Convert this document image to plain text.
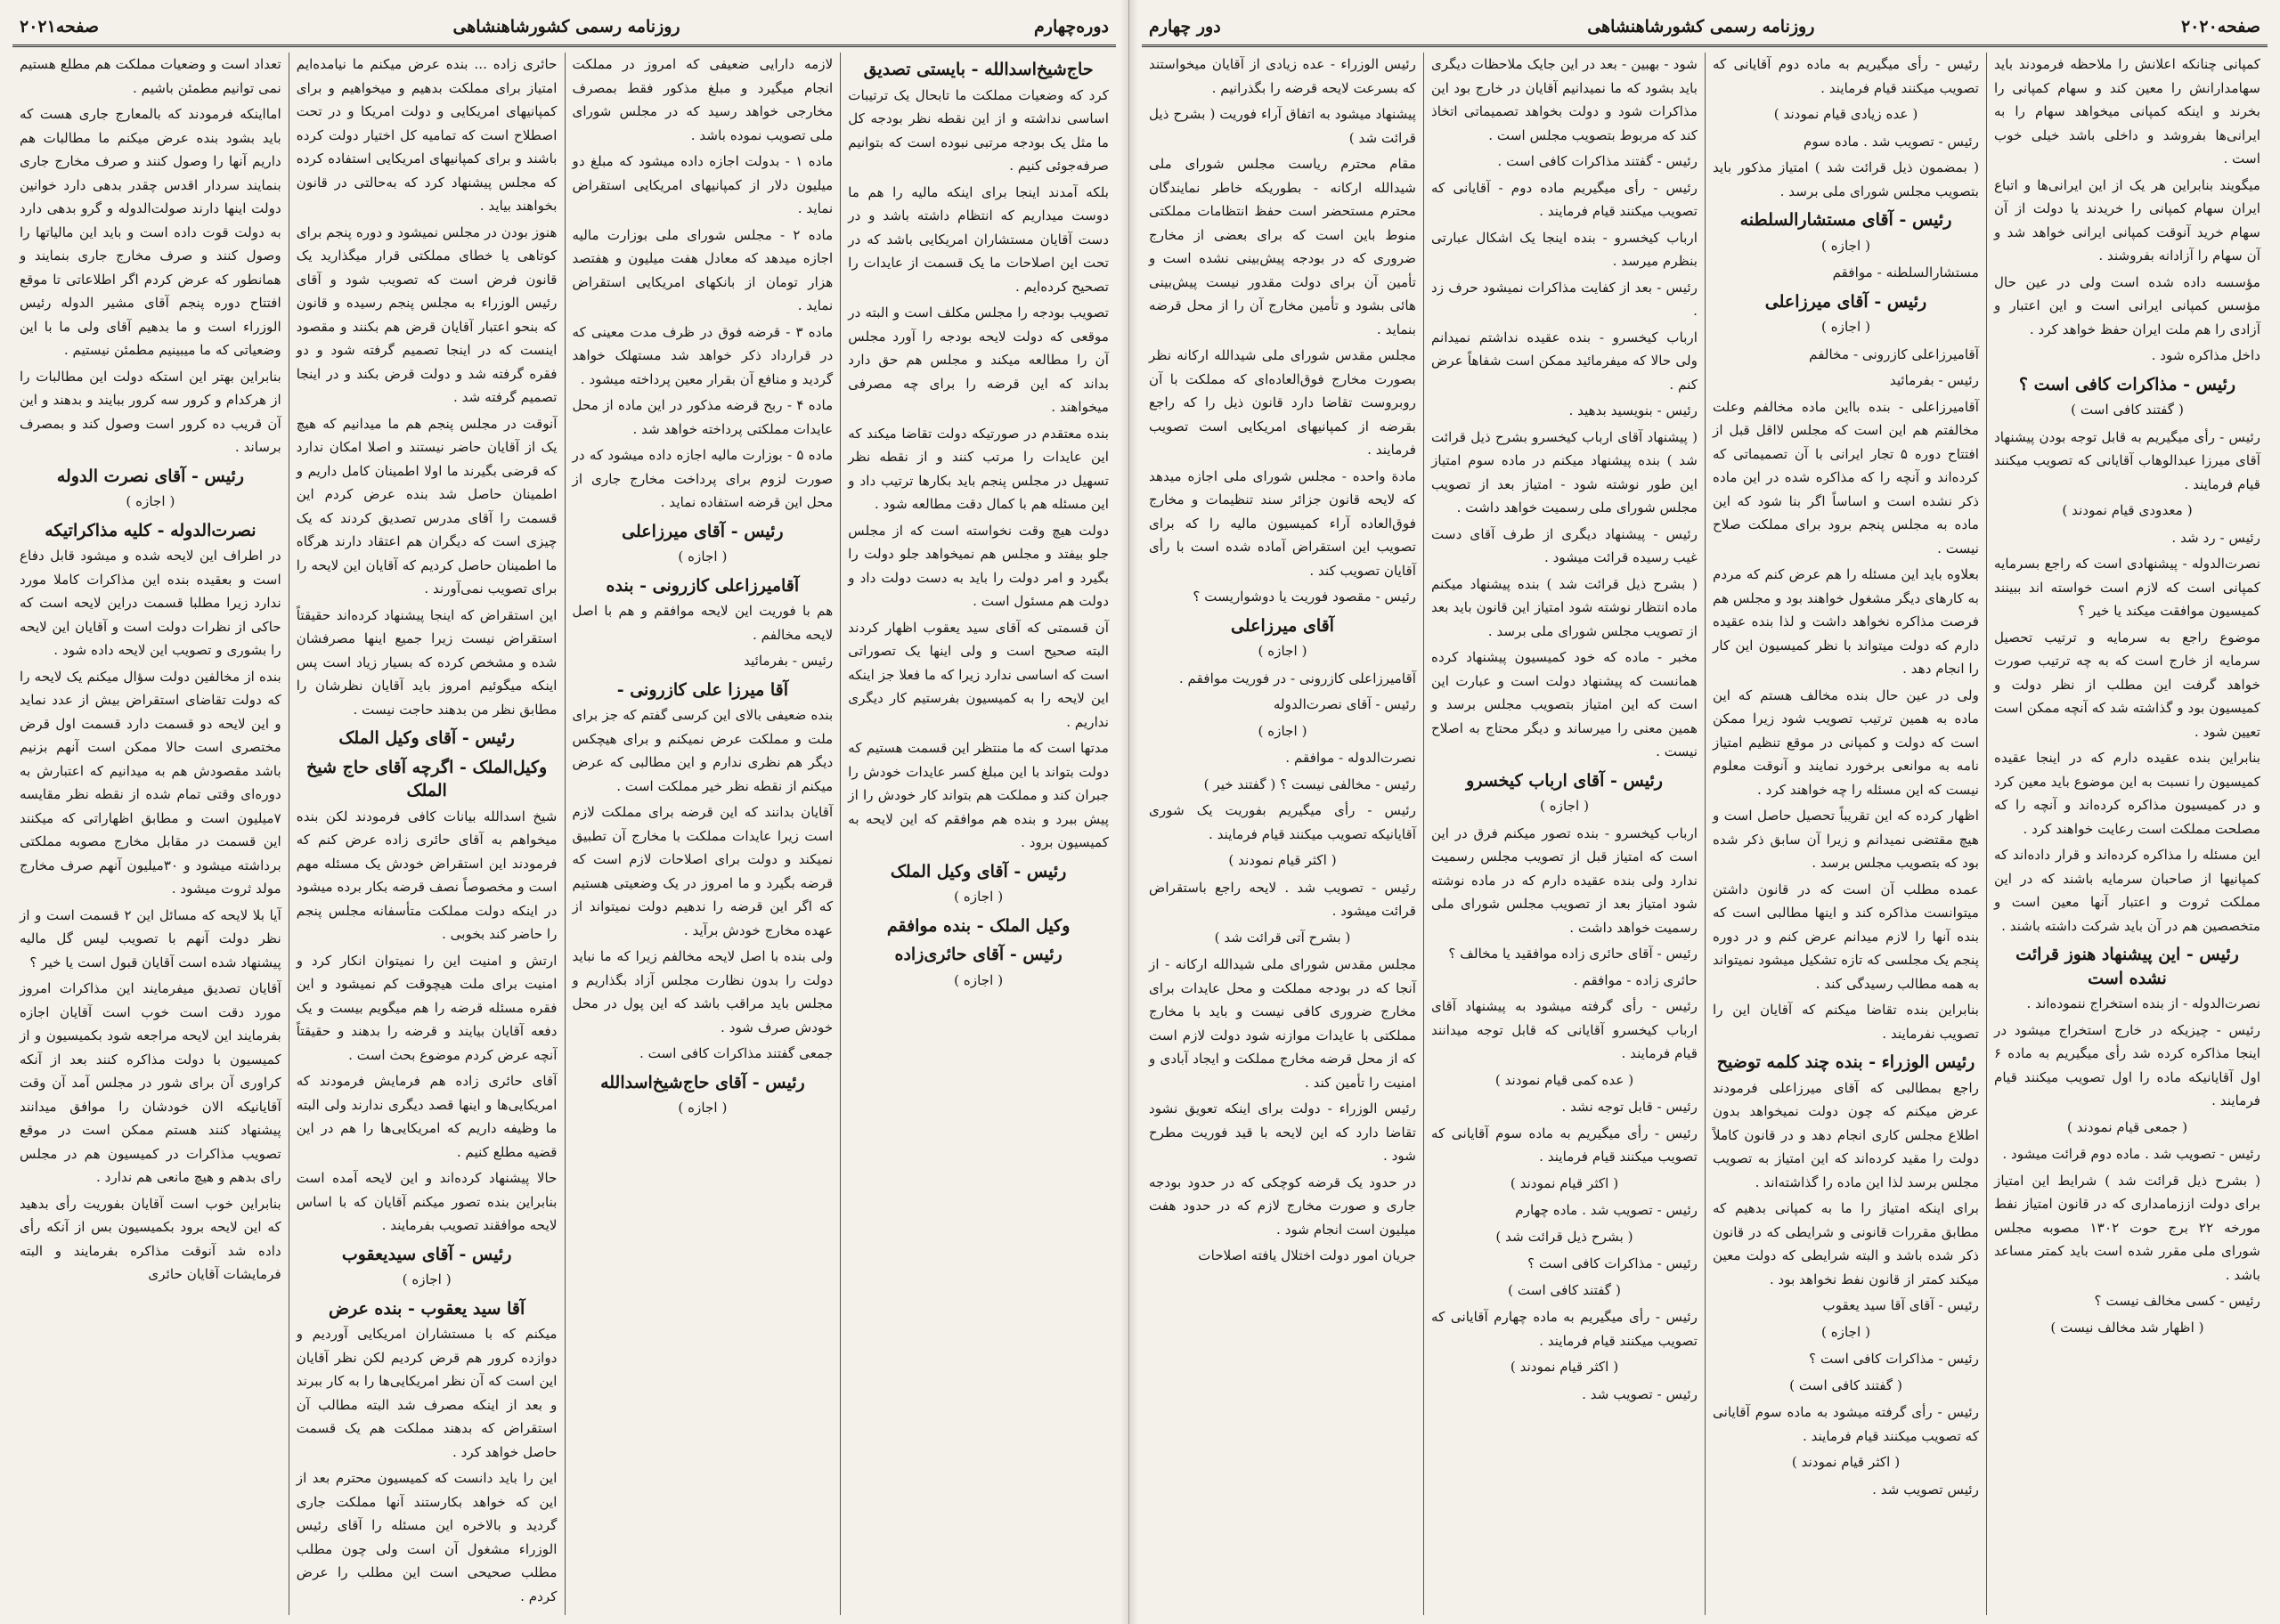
دوره‌چهارم
روزنامه رسمی کشورشاهنشاهی
صفحه۲۰۲۱
حاج‌شیخ‌اسدالله - بایستی تصدیق

کرد که وضعیات مملکت ما تابحال یک ترتیبات اساسی نداشته و از این نقطه نظر بودجه کل ما مثل یک بودجه مرتبی نبوده است که بتوانیم صرفه‌جوئی کنیم .

بلکه آمدند اینجا برای اینکه مالیه را هم ما دوست میداریم که انتظام داشته باشد و در دست آقایان مستشاران امریکایی باشد که در تحت این اصلاحات ما یک قسمت از عایدات را تصحیح کرده‌ایم .

تصویب بودجه را مجلس مکلف است و البته در موقعی که دولت لایحه بودجه را آورد مجلس آن را مطالعه میکند و مجلس هم حق دارد بداند که این قرضه را برای چه مصرفی میخواهند .

بنده معتقدم در صورتیکه دولت تقاضا میکند که این عایدات را مرتب کنند و از نقطه نظر تسهیل در مجلس پنجم باید بکارها ترتیب داد و این مسئله هم با کمال دقت مطالعه شود .

دولت هیچ وقت نخواسته است که از مجلس جلو بیفتد و مجلس هم نمیخواهد جلو دولت را بگیرد و امر دولت را باید به دست دولت داد و دولت هم مسئول است .

آن قسمتی که آقای سید یعقوب اظهار کردند البته صحیح است و ولی اینها یک تصوراتی است که اساسی ندارد زیرا که ما فعلا جز اینکه این لایحه را به کمیسیون بفرستیم کار دیگری نداریم .

مدتها است که ما منتظر این قسمت هستیم که دولت بتواند با این مبلغ کسر عایدات خودش را جبران کند و مملکت هم بتواند کار خودش را از پیش ببرد و بنده هم موافقم که این لایحه به کمیسیون برود .

رئیس - آقای وکیل الملک
( اجازه )
وکیل الملک - بنده موافقم
رئیس - آقای حائری‌زاده
( اجازه )

لازمه دارایی ضعیفی که امروز در مملکت انجام میگیرد و مبلغ مذکور فقط بمصرف مخارجی خواهد رسید که در مجلس شورای ملی تصویب نموده باشد .

ماده ۱ - بدولت اجازه داده میشود که مبلغ دو میلیون دلار از کمپانیهای امریکایی استقراض نماید .

ماده ۲ - مجلس شورای ملی بوزارت مالیه اجازه میدهد که معادل هفت میلیون و هفتصد هزار تومان از بانکهای امریکایی استقراض نماید .

ماده ۳ - قرضه فوق در ظرف مدت معینی که در قرارداد ذکر خواهد شد مستهلک خواهد گردید و منافع آن بقرار معین پرداخته میشود .

ماده ۴ - ربح قرضه مذکور در این ماده از محل عایدات مملکتی پرداخته خواهد شد .

ماده ۵ - بوزارت مالیه اجازه داده میشود که در صورت لزوم برای پرداخت مخارج جاری از محل این قرضه استفاده نماید .

رئیس - آقای میرزاعلی
( اجازه )
آقامیرزاعلی کازرونی - بنده

هم با فوریت این لایحه موافقم و هم با اصل لایحه مخالفم .

رئیس - بفرمائید

آقا میرزا علی کازرونی -

بنده ضعیفی بالای این کرسی گفتم که جز برای ملت و مملکت عرض نمیکنم و برای هیچکس دیگر هم نظری ندارم و این مطالبی که عرض میکنم از نقطه نظر خیر مملکت است .

آقایان بدانند که این قرضه برای مملکت لازم است زیرا عایدات مملکت با مخارج آن تطبیق نمیکند و دولت برای اصلاحات لازم است که قرضه بگیرد و ما امروز در یک وضعیتی هستیم که اگر این قرضه را ندهیم دولت نمیتواند از عهده مخارج خودش برآید .

ولی بنده با اصل لایحه مخالفم زیرا که ما نباید دولت را بدون نظارت مجلس آزاد بگذاریم و مجلس باید مراقب باشد که این پول در محل خودش صرف شود .

جمعی گفتند مذاکرات کافی است .

رئیس - آقای حاج‌شیخ‌اسدالله
( اجازه )

حائری زاده ... بنده عرض میکنم ما نیامده‌ایم امتیاز برای مملکت بدهیم و میخواهیم و برای کمپانیهای امریکایی و دولت امریکا و در تحت اصطلاح است که تمامیه کل اختیار دولت کرده باشند و برای کمپانیهای امریکایی استفاده کرده که مجلس پیشنهاد کرد که به‌حالتی در قانون بخواهند بیاید .

هنوز بودن در مجلس نمیشود و دوره پنجم برای کوتاهی یا خطای مملکتی قرار میگذارید یک قانون فرض است که تصویب شود و آقای رئیس الوزراء به مجلس پنجم رسیده و قانون که بنحو اعتبار آقایان قرض هم بکنند و مقصود اینست که در اینجا تصمیم گرفته شود و دو فقره گرفته شد و دولت قرض بکند و در اینجا تصمیم گرفته شد .

آنوقت در مجلس پنجم هم ما میدانیم که هیچ یک از آقایان حاضر نیستند و اصلا امکان ندارد که قرضی بگیرند ما اولا اطمینان کامل داریم و اطمینان حاصل شد بنده عرض کردم این قسمت را آقای مدرس تصدیق کردند که یک چیزی است که دیگران هم اعتقاد دارند هرگاه ما اطمینان حاصل کردیم که آقایان این لایحه را برای تصویب نمی‌آورند .

این استقراض که اینجا پیشنهاد کرده‌اند حقیقتاً استقراض نیست زیرا جمیع اینها مصرفشان شده و مشخص کرده که بسیار زیاد است پس اینکه میگوئیم امروز باید آقایان نظرشان را مطابق نظر من بدهند حاجت نیست .

رئیس - آقای وکیل الملک
وکیل‌الملک - اگرچه آقای حاج شیخ الملک

شیخ اسدالله بیانات کافی فرمودند لکن بنده میخواهم به آقای حائری زاده عرض کنم که فرمودند این استقراض خودش یک مسئله مهم است و مخصوصاً نصف قرضه بکار برده میشود در اینکه دولت مملکت متأسفانه مجلس پنجم را حاضر کند بخوبی .

ارتش و امنیت این را نمیتوان انکار کرد و امنیت برای ملت هیچوقت کم نمیشود و این فقره مسئله قرضه را هم میگویم بیست و یک دفعه آقایان بیایند و قرضه را بدهند و حقیقتاً آنچه عرض کردم موضوع بحث است .

آقای حائری زاده هم فرمایش فرمودند که امریکایی‌ها و اینها قصد دیگری ندارند ولی البته ما وظیفه داریم که امریکایی‌ها را هم در این قضیه مطلع کنیم .

حالا پیشنهاد کرده‌اند و این لایحه آمده است بنابراین بنده تصور میکنم آقایان که با اساس لایحه موافقند تصویب بفرمایند .

رئیس - آقای سیدیعقوب
( اجازه )
آقا سید یعقوب - بنده عرض

میکنم که با مستشاران امریکایی آوردیم و دوازده کرور هم قرض کردیم لکن نظر آقایان این است که آن نظر امریکایی‌ها را به کار ببرند و بعد از اینکه مصرف شد البته مطالب آن استقراض که بدهند مملکت هم یک قسمت حاصل خواهد کرد .

این را باید دانست که کمیسیون محترم بعد از این که خواهد بکارستند آنها مملکت جاری گردید و بالاخره این مسئله را آقای رئیس الوزراء مشغول آن است ولی چون مطلب مطلب صحیحی است این مطلب را عرض کردم .

تعداد است و وضعیات مملکت هم مطلع هستیم نمی توانیم مطمئن باشیم .

امااینکه فرمودند که بالمعارج جاری هست که باید بشود بنده عرض میکنم ما مطالبات هم داریم آنها را وصول کنند و صرف مخارج جاری بنمایند سردار اقدس چقدر بدهی دارد خوانین دولت اینها دارند صولت‌الدوله و گرو بدهی دارد به دولت قوت داده است و باید این مالیاتها را وصول کنند و صرف مخارج جاری بنمایند و همانطور که عرض کردم اگر اطلاعاتی تا موقع افتتاح دوره پنجم آقای مشیر الدوله رئیس الوزراء است و ما بدهیم آقای ولی ما با این وضعیاتی که ما میبینیم مطمئن نیستیم .

بنابراین بهتر این استکه دولت این مطالبات را از هرکدام و کرور سه کرور ببایند و بدهند و این آن قریب ده کرور است وصول کند و بمصرف برساند .

رئیس - آقای نصرت الدوله
( اجازه )
نصرت‌الدوله - کلیه مذاکراتیکه

در اطراف این لایحه شده و میشود قابل دفاع است و بعقیده بنده این مذاکرات کاملا مورد ندارد زیرا مطلبا قسمت دراین لایحه است که حاکی از نظرات دولت است و آقایان این لایحه را بشوری و تصویب این لایحه داده شود .

بنده از مخالفین دولت سؤال میکنم یک لایحه را که دولت تقاضای استقراض بیش از عدد نماید و این لایحه دو قسمت دارد قسمت اول قرض مختصری است حالا ممکن است آنهم بزنیم باشد مقصودش هم به میدانیم که اعتبارش به دوره‌ای وقتی تمام شده از نقطه نظر مقایسه ۷میلیون است و مطابق اظهاراتی که میکنند این قسمت در مقابل مخارج مصوبه مملکتی برداشته میشود و ۳۰میلیون آنهم صرف مخارج مولد ثروت میشود .

آیا بلا لایحه که مسائل این ۲ قسمت است و از نظر دولت آنهم با تصویب لیس گل مالیه پیشنهاد شده است آقایان قبول است یا خیر ؟

آقایان تصدیق میفرمایند این مذاکرات امروز مورد دقت است خوب است آقایان اجازه بفرمایند این لایحه مراجعه شود بکمیسیون و از کمیسیون با دولت مذاکره کنند بعد از آنکه کراوری آن برای شور در مجلس آمد آن وقت آقایانیکه الان خودشان را موافق میدانند پیشنهاد کنند هستم ممکن است در موقع تصویب مذاکرات در کمیسیون هم در مجلس رای بدهم و هیچ مانعی هم ندارد .

بنابراین خوب است آقایان بفوریت رأی بدهید که این لایحه برود بکمیسیون بس از آنکه رأی داده شد آنوقت مذاکره بفرمایند و البته فرمایشات آقایان حائری

صفحه۲۰۲۰
روزنامه رسمی کشورشاهنشاهی
دور چهارم

کمپانی چنانکه اعلانش را ملاحظه فرمودند باید سهامدارانش را معین کند و سهام کمپانی را بخرند و اینکه کمپانی میخواهد سهام را به ایرانی‌ها بفروشد و داخلی باشد خیلی خوب است .

میگویند بنابراین هر یک از این ایرانی‌ها و اتباع ایران سهام کمپانی را خریدند یا دولت از آن سهام خرید آنوقت کمپانی ایرانی خواهد شد و آن سهام را آزادانه بفروشند .

مؤسسه داده شده است ولی در عین حال مؤسس کمپانی ایرانی است و این اعتبار و آزادی را هم ملت ایران حفظ خواهد کرد .

داخل مذاکره شود .

رئیس - مذاکرات کافی است ؟
( گفتند کافی است )

رئیس - رأی میگیریم به قابل توجه بودن پیشنهاد آقای میرزا عبدالوهاب آقایانی که تصویب میکنند قیام فرمایند .

( معدودی قیام نمودند )

رئیس - رد شد .

نصرت‌الدوله - پیشنهادی است که راجع بسرمایه کمپانی است که لازم است خواسته اند ببینند کمیسیون موافقت میکند یا خیر ؟

موضوع راجع به سرمایه و ترتیب تحصیل سرمایه از خارج است که به چه ترتیب صورت خواهد گرفت این مطلب از نظر دولت و کمیسیون بود و گذاشته شد که آنچه ممکن است تعیین شود .

بنابراین بنده عقیده دارم که در اینجا عقیده کمیسیون را نسبت به این موضوع باید معین کرد و در کمیسیون مذاکره کرده‌اند و آنچه را که مصلحت مملکت است رعایت خواهند کرد .

این مسئله را مذاکره کرده‌اند و قرار داده‌اند که کمپانیها از صاحبان سرمایه باشند که در این مملکت ثروت و اعتبار آنها معین است و متخصصین هم در آن باید شرکت داشته باشند .

رئیس - این پیشنهاد هنوز قرائت نشده است

نصرت‌الدوله - از بنده استخراج ننموده‌اند .

رئیس - چیزیکه در خارج استخراج میشود در اینجا مذاکره کرده شد رأی میگیریم به ماده ۶ اول آقایانیکه ماده را اول تصویب میکنند قیام فرمایند .

( جمعی قیام نمودند )

رئیس - تصویب شد . ماده دوم قرائت میشود .

( بشرح ذیل قرائت شد ) شرایط این امتیاز برای دولت اززمامداری که در قانون امتیاز نفط مورخه ۲۲ برج حوت ۱۳۰۲ مصوبه مجلس شورای ملی مقرر شده است باید کمتر مساعد باشد .

رئیس - کسی مخالف نیست ؟

( اظهار شد مخالف نیست )

رئیس - رأی میگیریم به ماده دوم آقایانی که تصویب میکنند قیام فرمایند .

( عده زیادی قیام نمودند )

رئیس - تصویب شد . ماده سوم

( بمضمون ذیل قرائت شد ) امتیاز مذکور باید بتصویب مجلس شورای ملی برسد .

رئیس - آقای مستشارالسلطنه
( اجازه )

مستشارالسلطنه - موافقم

رئیس - آقای میرزاعلی
( اجازه )

آقامیرزاعلی کازرونی - مخالفم

رئیس - بفرمائید

آقامیرزاعلی - بنده بااین ماده مخالفم وعلت مخالفتم هم این است که مجلس لااقل قبل از افتتاح دوره ۵ تجار ایرانی با آن تصمیماتی که کرده‌اند و آنچه را که مذاکره شده در این ماده ذکر نشده است و اساساً اگر بنا شود که این ماده به مجلس پنجم برود برای مملکت صلاح نیست .

بعلاوه باید این مسئله را هم عرض کنم که مردم به کارهای دیگر مشغول خواهند بود و مجلس هم فرصت مذاکره نخواهد داشت و لذا بنده عقیده دارم که دولت میتواند با نظر کمیسیون این کار را انجام دهد .

ولی در عین حال بنده مخالف هستم که این ماده به همین ترتیب تصویب شود زیرا ممکن است که دولت و کمپانی در موقع تنظیم امتیاز نامه به موانعی برخورد نمایند و آنوقت معلوم نیست که این مسئله را چه خواهند کرد .

اظهار کرده که این تقریباً تحصیل حاصل است و هیچ مقتضی نمیدانم و زیرا آن سابق ذکر شده بود که بتصویب مجلس برسد .

عمده مطلب آن است که در قانون داشتن میتوانست مذاکره کند و اینها مطالبی است که بنده آنها را لازم میدانم عرض کنم و در دوره پنجم یک مجلسی که تازه تشکیل میشود نمیتواند به همه مطالب رسیدگی کند .

بنابراین بنده تقاضا میکنم که آقایان این را تصویب نفرمایند .

رئیس الوزراء - بنده چند کلمه توضیح

راجع بمطالبی که آقای میرزاعلی فرمودند عرض میکنم که چون دولت نمیخواهد بدون اطلاع مجلس کاری انجام دهد و در قانون کاملاً دولت را مقید کرده‌اند که این امتیاز به تصویب مجلس برسد لذا این ماده را گذاشته‌اند .

برای اینکه امتیاز را ما به کمپانی بدهیم که مطابق مقررات قانونی و شرایطی که در قانون ذکر شده باشد و البته شرایطی که دولت معین میکند کمتر از قانون نفط نخواهد بود .

رئیس - آقای آقا سید یعقوب

( اجازه )

رئیس - مذاکرات کافی است ؟

( گفتند کافی است )

رئیس - رأی گرفته میشود به ماده سوم آقایانی که تصویب میکنند قیام فرمایند .

( اکثر قیام نمودند )

رئیس تصویب شد .

شود - بهبین - بعد در این جایک ملاحظات دیگری باید بشود که ما نمیدانیم آقایان در خارج بود این مذاکرات شود و دولت بخواهد تصمیماتی اتخاذ کند که مربوط بتصویب مجلس است .

رئیس - گفتند مذاکرات کافی است .

رئیس - رأی میگیریم ماده دوم - آقایانی که تصویب میکنند قیام فرمایند .

ارباب کیخسرو - بنده اینجا یک اشکال عبارتی بنظرم میرسد .

رئیس - بعد از کفایت مذاکرات نمیشود حرف زد .

ارباب کیخسرو - بنده عقیده نداشتم نمیدانم ولی حالا که میفرمائید ممکن است شفاهاً عرض کنم .

رئیس - بنویسید بدهید .

( پیشنهاد آقای ارباب کیخسرو بشرح ذیل قرائت شد ) بنده پیشنهاد میکنم در ماده سوم امتیاز این طور نوشته شود - امتیاز بعد از تصویب مجلس شورای ملی رسمیت خواهد داشت .

رئیس - پیشنهاد دیگری از طرف آقای دست غیب رسیده قرائت میشود .

( بشرح ذیل قرائت شد ) بنده پیشنهاد میکنم ماده انتظار نوشته شود امتیاز این قانون باید بعد از تصویب مجلس شورای ملی برسد .

مخبر - ماده که خود کمیسیون پیشنهاد کرده همانست که پیشنهاد دولت است و عبارت این است که این امتیاز بتصویب مجلس برسد و همین معنی را میرساند و دیگر محتاج به اصلاح نیست .

رئیس - آقای ارباب کیخسرو
( اجازه )

ارباب کیخسرو - بنده تصور میکنم فرق در این است که امتیاز قبل از تصویب مجلس رسمیت ندارد ولی بنده عقیده دارم که در ماده نوشته شود امتیاز بعد از تصویب مجلس شورای ملی رسمیت خواهد داشت .

رئیس - آقای حائری زاده موافقید یا مخالف ؟

حائری زاده - موافقم .

رئیس - رأی گرفته میشود به پیشنهاد آقای ارباب کیخسرو آقایانی که قابل توجه میدانند قیام فرمایند .

( عده کمی قیام نمودند )

رئیس - قابل توجه نشد .

رئیس - رأی میگیریم به ماده سوم آقایانی که تصویب میکنند قیام فرمایند .

( اکثر قیام نمودند )

رئیس - تصویب شد . ماده چهارم

( بشرح ذیل قرائت شد )

رئیس - مذاکرات کافی است ؟

( گفتند کافی است )

رئیس - رأی میگیریم به ماده چهارم آقایانی که تصویب میکنند قیام فرمایند .

( اکثر قیام نمودند )

رئیس - تصویب شد .

رئیس الوزراء - عده زیادی از آقایان میخواستند که بسرعت لایحه قرضه را بگذرانیم .

پیشنهاد میشود به اتفاق آراء فوریت ( بشرح ذیل قرائت شد )

مقام محترم ریاست مجلس شورای ملی شیدالله ارکانه - بطوریکه خاطر نمایندگان محترم مستحضر است حفظ انتظامات مملکتی منوط باین است که برای بعضی از مخارج ضروری که در بودجه پیش‌بینی نشده است و تأمین آن برای دولت مقدور نیست پیش‌بینی هائی بشود و تأمین مخارج آن را از محل قرضه بنماید .

مجلس مقدس شورای ملی شیدالله ارکانه نظر بصورت مخارج فوق‌العاده‌ای که مملکت با آن روبروست تقاضا دارد قانون ذیل را که راجع بقرضه از کمپانیهای امریکایی است تصویب فرمایند .

مادة واحده - مجلس شورای ملی اجازه میدهد که لایحه قانون جزائر سند تنظیمات و مخارج فوق‌العاده آراء کمیسیون مالیه را که برای تصویب این استقراض آماده شده است با رأی آقایان تصویب کند .

رئیس - مقصود فوریت یا دوشواریست ؟

آقای میرزاعلی
( اجازه )

آقامیرزاعلی کازرونی - در فوریت موافقم .

رئیس - آقای نصرت‌الدوله

( اجازه )

نصرت‌الدوله - موافقم .

رئیس - مخالفی نیست ؟ ( گفتند خیر )

رئیس - رأی میگیریم بفوریت یک شوری آقایانیکه تصویب میکنند قیام فرمایند .

( اکثر قیام نمودند )

رئیس - تصویب شد . لایحه راجع باستقراض قرائت میشود .

( بشرح آتی قرائت شد )

مجلس مقدس شورای ملی شیدالله ارکانه - از آنجا که در بودجه مملکت و محل عایدات برای مخارج ضروری کافی نیست و باید با مخارج مملکتی با عایدات موازنه شود دولت لازم است که از محل قرضه مخارج مملکت و ایجاد آبادی و امنیت را تأمین کند .

رئیس الوزراء - دولت برای اینکه تعویق نشود تقاضا دارد که این لایحه با قید فوریت مطرح شود .

در حدود یک قرضه کوچکی که در حدود بودجه جاری و صورت مخارج لازم که در حدود هفت میلیون است انجام شود .

جریان امور دولت اختلال یافته اصلاحات
